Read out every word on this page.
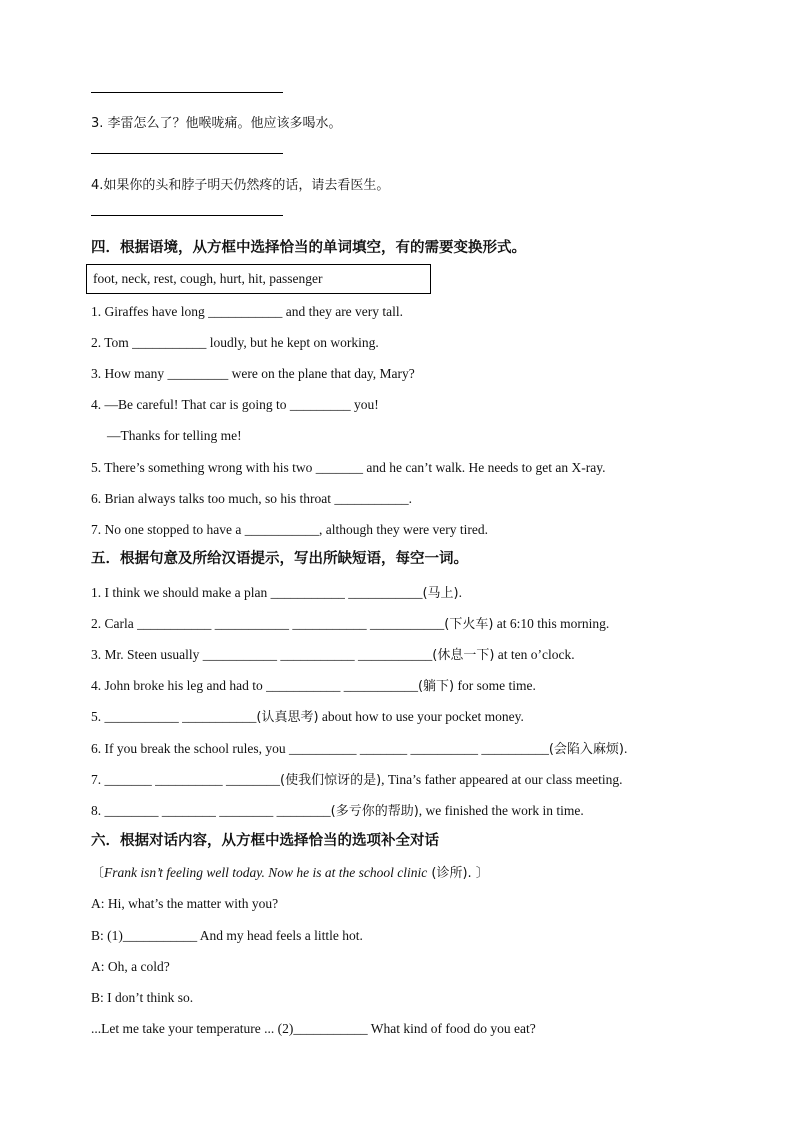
3. 李雷怎么了？他喉咙痛。他应该多喝水。
4.如果你的头和脖子明天仍然疼的话，请去看医生。
四．根据语境，从方框中选择恰当的单词填空，有的需要变换形式。
foot, neck, rest, cough, hurt, hit, passenger
1. Giraffes have long ___________ and they are very tall.
2. Tom ___________ loudly, but he kept on working.
3. How many _________ were on the plane that day, Mary?
4. —Be careful! That car is going to _________ you!
—Thanks for telling me!
5. There’s something wrong with his two _______ and he can’t walk. He needs to get an X-ray.
6. Brian always talks too much, so his throat ___________.
7. No one stopped to have a ___________, although they were very tired.
五．根据句意及所给汉语提示，写出所缺短语，每空一词。
1. I think we should make a plan ___________ ___________(马上).
2. Carla ___________ ___________ ___________ ___________(下火车) at 6:10 this morning.
3. Mr. Steen usually ___________ ___________ ___________(休息一下) at ten o’clock.
4. John broke his leg and had to ___________ ___________(躺下) for some time.
5. ___________ ___________(认真思考) about how to use your pocket money.
6. If you break the school rules, you __________ _______ __________ __________(会陷入麻烦).
7. _______ __________ ________(使我们惊讶的是), Tina’s father appeared at our class meeting.
8. ________ ________ ________ ________(多亏你的帮助), we finished the work in time.
六．根据对话内容，从方框中选择恰当的选项补全对话
〔Frank isn’t feeling well today. Now he is at the school clinic (诊所). 〕
A: Hi, what’s the matter with you?
B: (1)___________ And my head feels a little hot.
A: Oh, a cold?
B: I don’t think so.
...Let me take your temperature ... (2)___________ What kind of food do you eat?
